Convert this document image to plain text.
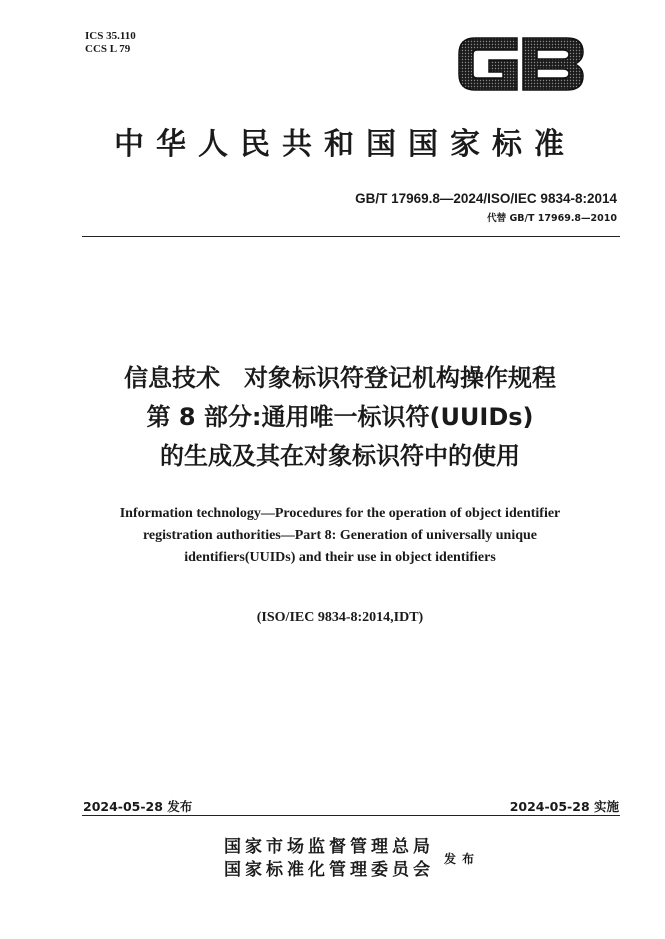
ICS 35.110
CCS L 79
中华人民共和国国家标准
GB/T 17969.8—2024/ISO/IEC 9834-8:2014
代替 GB/T 17969.8—2010
信息技术　对象标识符登记机构操作规程
第 8 部分:通用唯一标识符(UUIDs)
的生成及其在对象标识符中的使用
Information technology—Procedures for the operation of object identifier
registration authorities—Part 8: Generation of universally unique
identifiers(UUIDs) and their use in object identifiers
(ISO/IEC 9834-8:2014,IDT)
2024-05-28 发布	2024-05-28 实施
国家市场监督管理总局
国家标准化管理委员会
发布
